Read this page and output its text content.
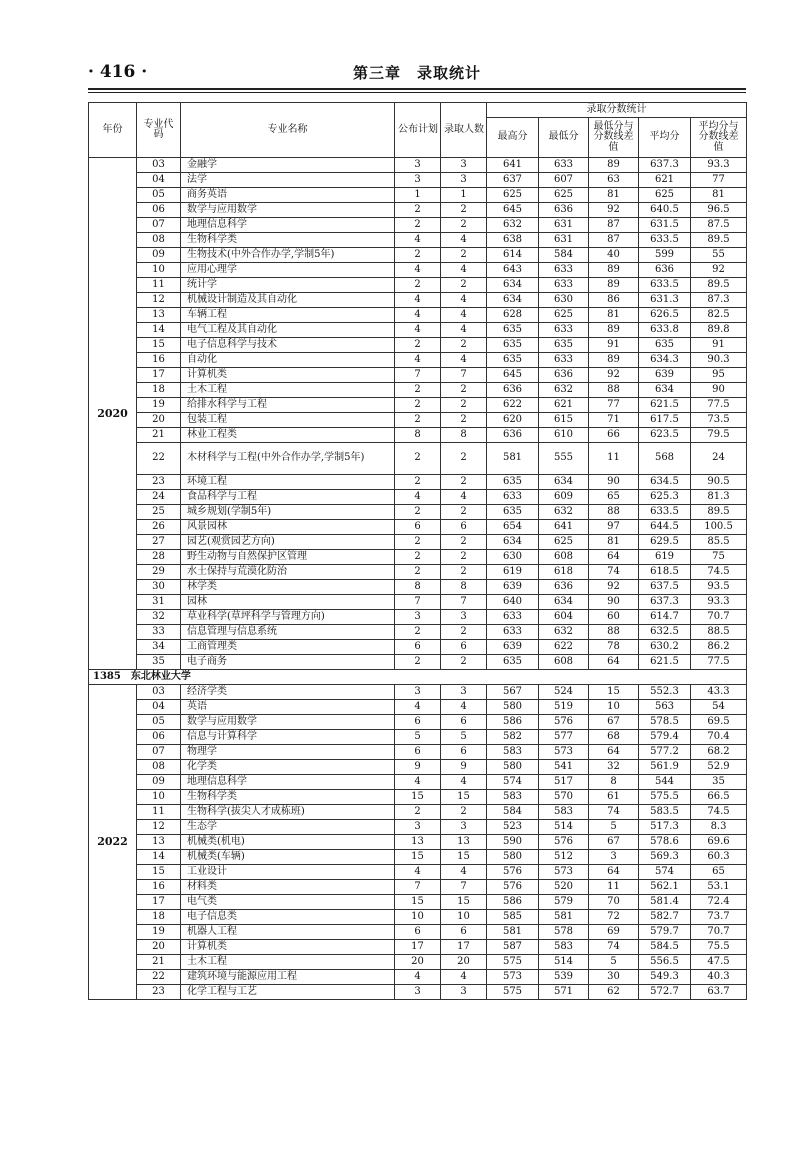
· 416 ·	第三章　录取统计
年份	专业代码	专业名称	公布计划	录取人数	录取分数统计				
					最高分	最低分	最低分与分数线差值	平均分	平均分与分数线差值
2020	03	金融学	3	3	641	633	89	637.3	93.3
	04	法学	3	3	637	607	63	621	77
	05	商务英语	1	1	625	625	81	625	81
	06	数学与应用数学	2	2	645	636	92	640.5	96.5
	07	地理信息科学	2	2	632	631	87	631.5	87.5
	08	生物科学类	4	4	638	631	87	633.5	89.5
	09	生物技术(中外合作办学,学制5年)	2	2	614	584	40	599	55
	10	应用心理学	4	4	643	633	89	636	92
	11	统计学	2	2	634	633	89	633.5	89.5
	12	机械设计制造及其自动化	4	4	634	630	86	631.3	87.3
	13	车辆工程	4	4	628	625	81	626.5	82.5
	14	电气工程及其自动化	4	4	635	633	89	633.8	89.8
	15	电子信息科学与技术	2	2	635	635	91	635	91
	16	自动化	4	4	635	633	89	634.3	90.3
	17	计算机类	7	7	645	636	92	639	95
	18	土木工程	2	2	636	632	88	634	90
	19	给排水科学与工程	2	2	622	621	77	621.5	77.5
	20	包装工程	2	2	620	615	71	617.5	73.5
	21	林业工程类	8	8	636	610	66	623.5	79.5
	22	木材科学与工程(中外合作办学,学制5年)	2	2	581	555	11	568	24
	23	环境工程	2	2	635	634	90	634.5	90.5
	24	食品科学与工程	4	4	633	609	65	625.3	81.3
	25	城乡规划(学制5年)	2	2	635	632	88	633.5	89.5
	26	风景园林	6	6	654	641	97	644.5	100.5
	27	园艺(观赏园艺方向)	2	2	634	625	81	629.5	85.5
	28	野生动物与自然保护区管理	2	2	630	608	64	619	75
	29	水土保持与荒漠化防治	2	2	619	618	74	618.5	74.5
	30	林学类	8	8	639	636	92	637.5	93.5
	31	园林	7	7	640	634	90	637.3	93.3
	32	草业科学(草坪科学与管理方向)	3	3	633	604	60	614.7	70.7
	33	信息管理与信息系统	2	2	633	632	88	632.5	88.5
	34	工商管理类	6	6	639	622	78	630.2	86.2
	35	电子商务	2	2	635	608	64	621.5	77.5
1385　东北林业大学									
2022	03	经济学类	3	3	567	524	15	552.3	43.3
	04	英语	4	4	580	519	10	563	54
	05	数学与应用数学	6	6	586	576	67	578.5	69.5
	06	信息与计算科学	5	5	582	577	68	579.4	70.4
	07	物理学	6	6	583	573	64	577.2	68.2
	08	化学类	9	9	580	541	32	561.9	52.9
	09	地理信息科学	4	4	574	517	8	544	35
	10	生物科学类	15	15	583	570	61	575.5	66.5
	11	生物科学(拔尖人才成栋班)	2	2	584	583	74	583.5	74.5
	12	生态学	3	3	523	514	5	517.3	8.3
	13	机械类(机电)	13	13	590	576	67	578.6	69.6
	14	机械类(车辆)	15	15	580	512	3	569.3	60.3
	15	工业设计	4	4	576	573	64	574	65
	16	材料类	7	7	576	520	11	562.1	53.1
	17	电气类	15	15	586	579	70	581.4	72.4
	18	电子信息类	10	10	585	581	72	582.7	73.7
	19	机器人工程	6	6	581	578	69	579.7	70.7
	20	计算机类	17	17	587	583	74	584.5	75.5
	21	土木工程	20	20	575	514	5	556.5	47.5
	22	建筑环境与能源应用工程	4	4	573	539	30	549.3	40.3
	23	化学工程与工艺	3	3	575	571	62	572.7	63.7
